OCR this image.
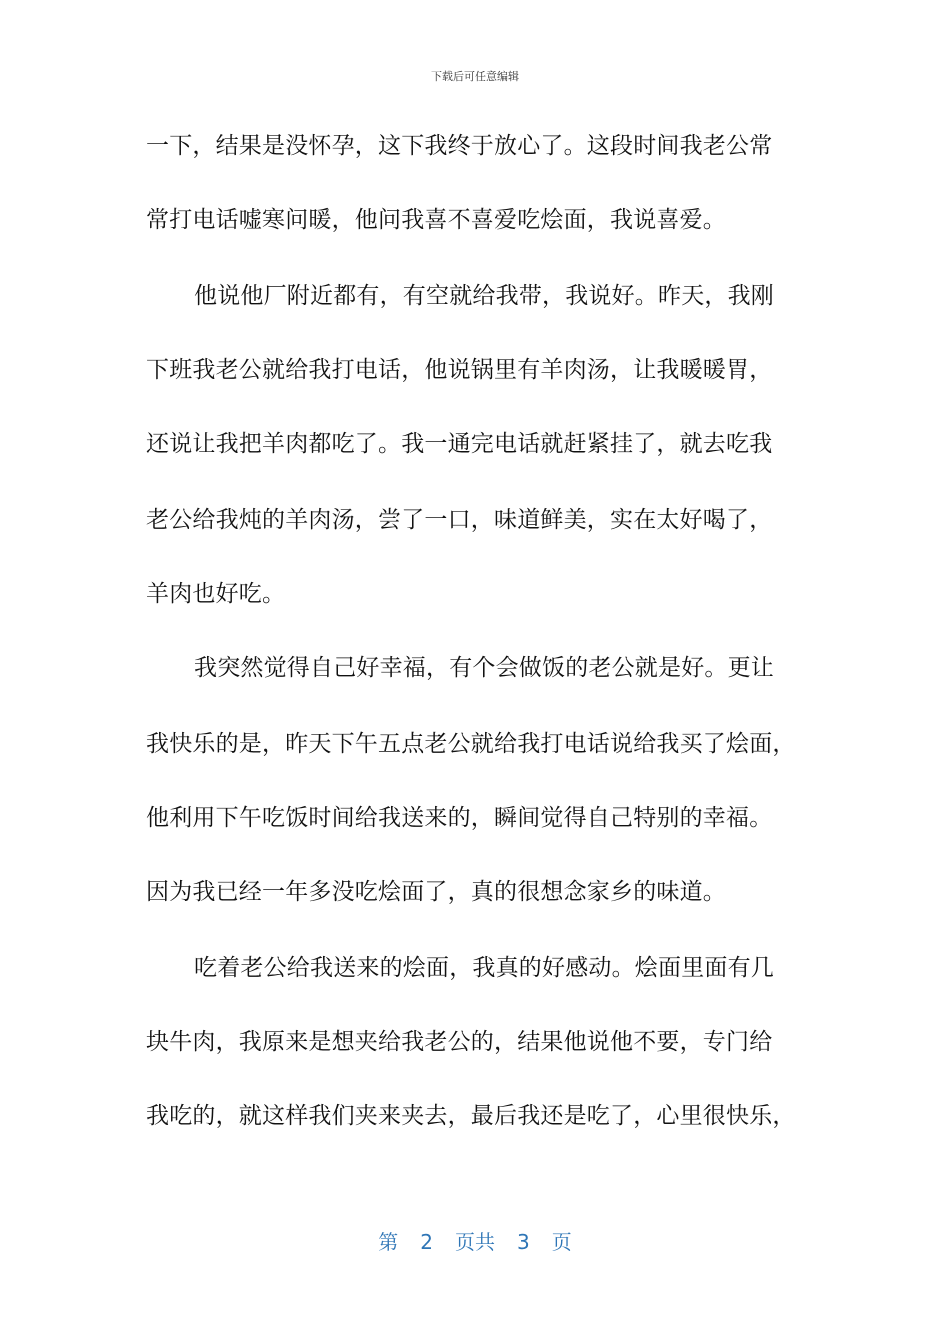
下载后可任意编辑
一下，结果是没怀孕，这下我终于放心了。这段时间我老公常
常打电话嘘寒问暖，他问我喜不喜爱吃烩面，我说喜爱。
他说他厂附近都有，有空就给我带，我说好。昨天，我刚
下班我老公就给我打电话，他说锅里有羊肉汤，让我暖暖胃，
还说让我把羊肉都吃了。我一通完电话就赶紧挂了，就去吃我
老公给我炖的羊肉汤，尝了一口，味道鲜美，实在太好喝了，
羊肉也好吃。
我突然觉得自己好幸福，有个会做饭的老公就是好。更让
我快乐的是，昨天下午五点老公就给我打电话说给我买了烩面，
他利用下午吃饭时间给我送来的，瞬间觉得自己特别的幸福。
因为我已经一年多没吃烩面了，真的很想念家乡的味道。
吃着老公给我送来的烩面，我真的好感动。烩面里面有几
块牛肉，我原来是想夹给我老公的，结果他说他不要，专门给
我吃的，就这样我们夹来夹去，最后我还是吃了，心里很快乐，
第 2 页共 3 页
